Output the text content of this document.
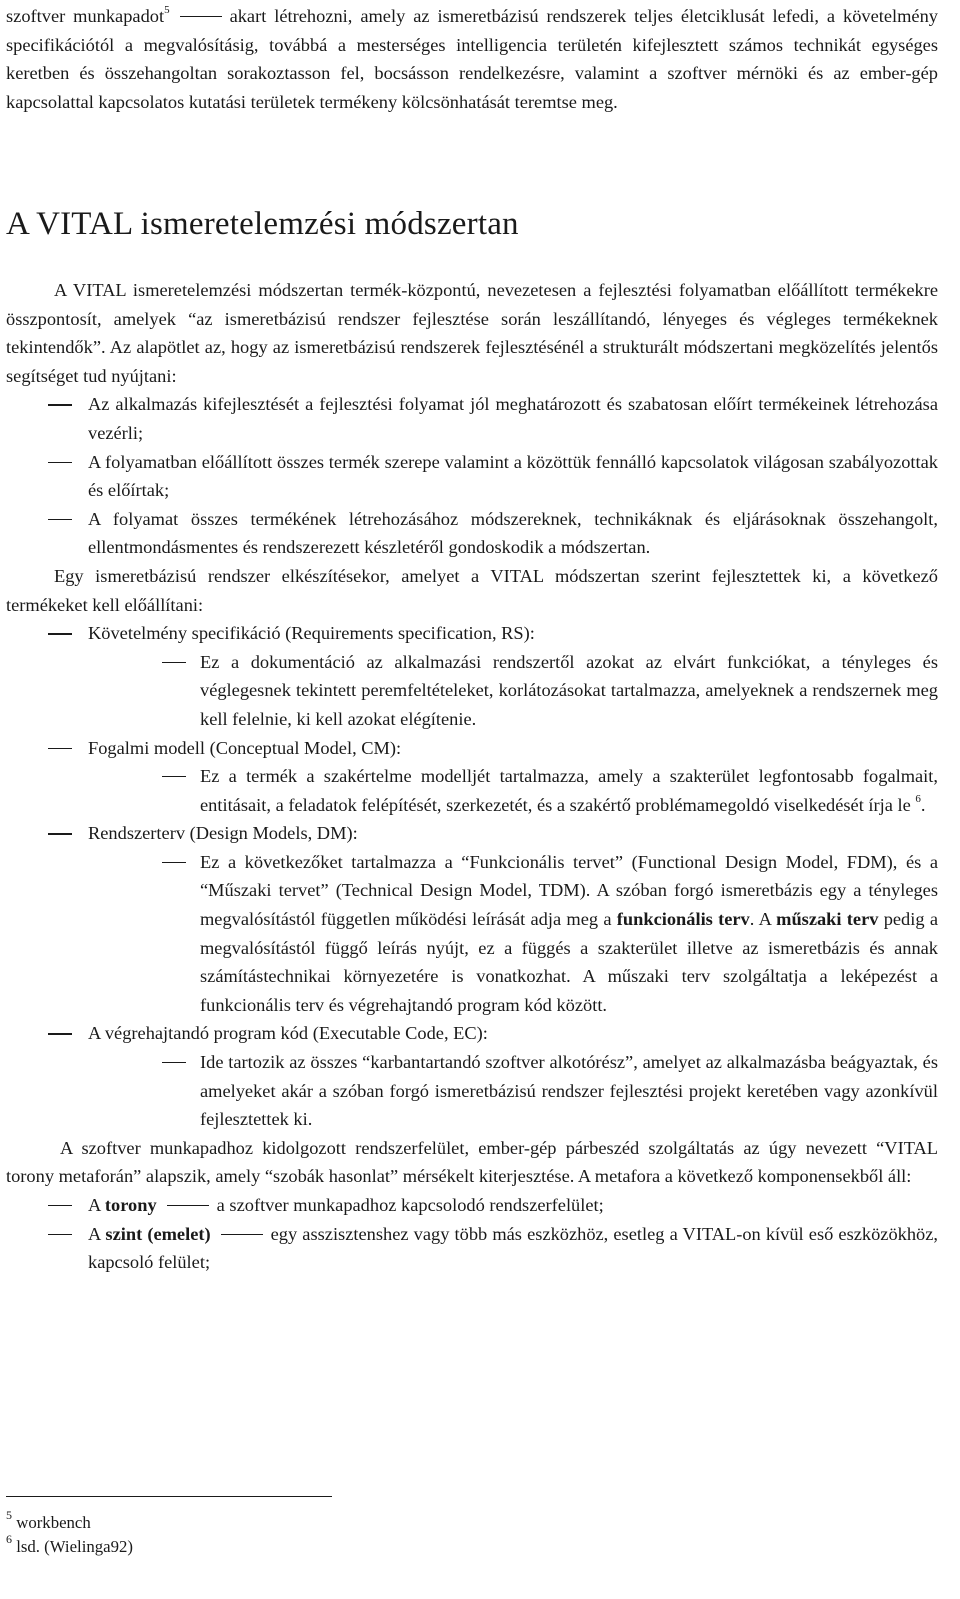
szoftver munkapadot$^5$	akart létrehozni, amely az ismeretbázisú rendszerek teljes életciklusát lefedi, a követelmény specifikációtól a megvalósításig, továbbá a mesterséges intelligencia területén kifejlesztett számos technikát egységes keretben és összehangoltan sorakoztasson fel, bocsásson rendelkezésre, valamint a szoftver mérnöki és az ember-gép kapcsolattal kapcsolatos kutatási területek termékeny kölcsönhatását teremtse meg.

A VITAL ismeretelemzési módszertan

A VITAL ismeretelemzési módszertan termék-központú, nevezetesen a fejlesztési folyamatban előállított termékekre összpontosít, amelyek “az ismeretbázisú rendszer fejlesztése során leszállítandó, lényeges és végleges termékeknek tekintendők”. Az alapötlet az, hogy az ismeretbázisú rendszerek fejlesztésénél a strukturált módszertani megközelítés jelentős segítséget tud nyújtani:

Az alkalmazás kifejlesztését a fejlesztési folyamat jól meghatározott és szabatosan előírt termékeinek létrehozása vezérli;
A folyamatban előállított összes termék szerepe valamint a közöttük fennálló kapcsolatok világosan szabályozottak és előírtak;
A folyamat összes termékének létrehozásához módszereknek, technikáknak és eljárásoknak összehangolt, ellentmondásmentes és rendszerezett készletéről gondoskodik a módszertan.

Egy ismeretbázisú rendszer elkészítésekor, amelyet a VITAL módszertan szerint fejlesztettek ki, a következő termékeket kell előállítani:

Követelmény specifikáció (Requirements specification, RS):
Ez a dokumentáció az alkalmazási rendszertől azokat az elvárt funkciókat, a tényleges és véglegesnek tekintett peremfeltételeket, korlátozásokat tartalmazza, amelyeknek a rendszernek meg kell felelnie, ki kell azokat elégítenie.
Fogalmi modell (Conceptual Model, CM):
Ez a termék a szakértelme modelljét tartalmazza, amely a szakterület legfontosabb fogalmait, entitásait, a feladatok felépítését, szerkezetét, és a szakértő problémamegoldó viselkedését írja le $^6$.
Rendszerterv (Design Models, DM):
Ez a következőket tartalmazza a “Funkcionális tervet” (Functional Design Model, FDM), és a “Műszaki tervet” (Technical Design Model, TDM). A szóban forgó ismeretbázis egy a tényleges megvalósítástól független működési leírását adja meg a funkcionális terv. A műszaki terv pedig a megvalósítástól függő leírás nyújt, ez a függés a szakterület illetve az ismeretbázis és annak számítástechnikai környezetére is vonatkozhat. A műszaki terv szolgáltatja a leképezést a funkcionális terv és végrehajtandó program kód között.
A végrehajtandó program kód (Executable Code, EC):
Ide tartozik az összes “karbantartandó szoftver alkotórész”, amelyet az alkalmazásba beágyaztak, és amelyeket akár a szóban forgó ismeretbázisú rendszer fejlesztési projekt keretében vagy azonkívül fejlesztettek ki.

A szoftver munkapadhoz kidolgozott rendszerfelület, ember-gép párbeszéd szolgáltatás az úgy nevezett “VITAL torony metaforán” alapszik, amely “szobák hasonlat” mérsékelt kiterjesztése. A metafora a következő komponensekből áll:

A torony	a szoftver munkapadhoz kapcsolodó rendszerfelület;
A szint (emelet)	egy asszisztenshez vagy több más eszközhöz, esetleg a VITAL-on kívül eső eszközökhöz, kapcsoló felület;

$^5$ workbench

$^6$ lsd. (Wielinga92)
